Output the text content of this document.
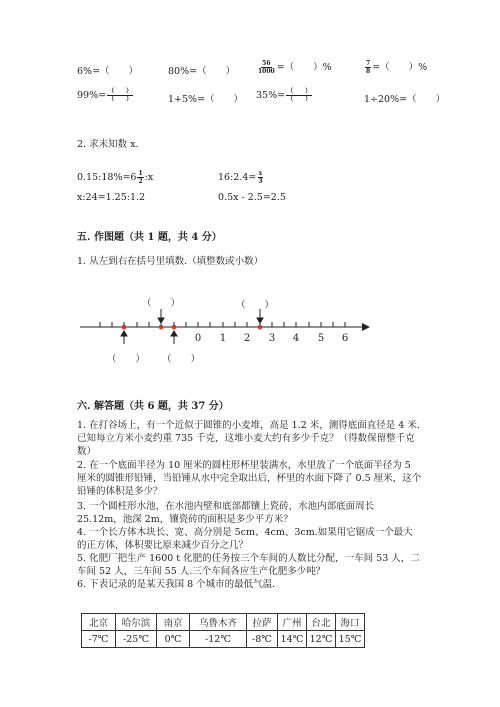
6%=（　　）	80%=（　　）	$\frac{56}{1000}$ =（　　）%	$\frac{7}{8}$ =（　　）%
$99\%= \frac{( )}{( )}$	1+5%=（　　） $35\%= \frac{( )}{( )}$	1÷20%=（　　）
2. 求未知数 x.
0.15:18%=6 $\frac{1}{2}$ :x	16:2.4= $\frac{x}{3}$
x:24=1.25:1.2	0.5x - 2.5=2.5
五. 作图题（共 1 题，共 4 分）
1. 从左到右在括号里填数.（填整数或小数）
（　　）	（　　）
（　　） （　　）
0 1 2 3 4 5 6
六. 解答题（共 6 题，共 37 分）
1. 在打谷场上，有一个近似于圆锥的小麦堆，高是 1.2 米，测得底面直径是 4 米.已知每立方米小麦约重 735 千克，这堆小麦大约有多少千克？（得数保留整千克数）
2. 在一个底面半径为 10 厘米的圆柱形杯里装满水，水里放了一个底面半径为 5 厘米的圆锥形铅锤，当铅锤从水中完全取出后，杯里的水面下降了 0.5 厘米，这个铅锤的体积是多少？
3. 一个圆柱形水池，在水池内壁和底部都镶上瓷砖，水池内部底面周长 25.12m，池深 2m，镶瓷砖的面积是多少平方米？
4. 一个长方体木块长、宽、高分别是 5cm、4cm、3cm.如果用它锯成一个最大的正方体，体积要比原来减少百分之几？
5. 化肥厂把生产 1600 t 化肥的任务按三个车间的人数比分配，一车间 53 人，二车间 52 人，三车间 55 人.三个车间各应生产化肥多少吨？
6. 下表记录的是某天我国 8 个城市的最低气温.
北京	哈尔滨	南京	乌鲁木齐	拉萨	广州	台北	海口
-7℃	-25℃	0℃	-12℃	-8℃	14℃	12℃	15℃
